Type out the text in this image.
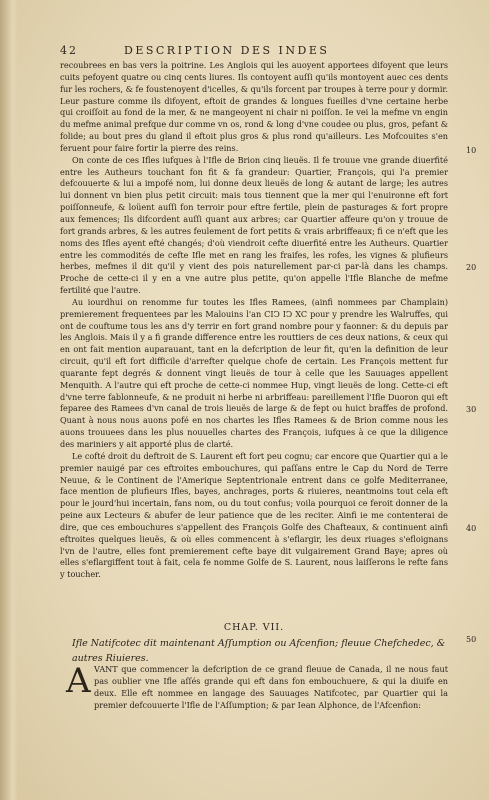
42	DESCRIPTION DES INDES

recoubrees en bas vers la poitrine. Les Anglois qui les auoyent apportees difoyent que leurs cuits pefoyent quatre ou cinq cents liures. Ils contoyent auſſi qu'ils montoyent auec ces dents fur les rochers, & fe foustenoyent d'icelles, & qu'ils forcent par troupes à terre pour y dormir. Leur pasture comme ils difoyent, eftoit de grandes & longues fueilles d'vne certaine herbe qui croiſſoit au fond de la mer, & ne mangeoyent ni chair ni poiſſon. Ie vei la mefme vn engin du mefme animal prefque dur comme vn os, rond & long d'vne coudee ou plus, gros, pefant & folide; au bout pres du gland il eftoit plus gros & plus rond qu'ailleurs. Les Mofcouites s'en feruent pour faire fortir la pierre des reins.

On conte de ces Ifles iufques à l'Ifle de Brion cinq lieuës. Il fe trouue vne grande diuerfité entre les Autheurs touchant fon fit & fa grandeur: Quartier, François, qui l'a premier defcouuerte & lui a impofé nom, lui donne deux lieuës de long & autant de large; les autres lui donnent vn bien plus petit circuit: mais tous tiennent que la mer qui l'enuironne eft fort poiſſonneufe, & loüent auſſi fon terroir pour eftre fertile, plein de pasturages & fort propre aux femences; Ils difcordent auſſi quant aux arbres; car Quartier affeure qu'on y trouue de fort grands arbres, & les autres feulement de fort petits & vrais arbriffeaux; fi ce n'eft que les noms des Ifles ayent efté changés; d'où viendroit cefte diuerfité entre les Autheurs. Quartier entre les commodités de cefte Ifle met en rang les fraifes, les rofes, les vignes & plufieurs herbes, mefmes il dit qu'il y vient des pois naturellement par-ci par-là dans les champs. Proche de cette-ci il y en a vne autre plus petite, qu'on appelle l'Ifle Blanche de mefme fertilité que l'autre.

Au iourdhui on renomme fur toutes les Ifles Ramees, (ainfi nommees par Champlain) premierement frequentees par les Malouins l'an CIↃ IↃ XC pour y prendre les Walruffes, qui ont de couftume tous les ans d'y terrir en fort grand nombre pour y faonner: & du depuis par les Anglois. Mais il y a fi grande difference entre les routtiers de ces deux nations, & ceux qui en ont fait mention auparauant, tant en la defcription de leur fit, qu'en la definition de leur circuit, qu'il eft fort difficile d'arrefter quelque chofe de certain. Les François mettent fur quarante fept degrés & donnent vingt lieuës de tour à celle que les Sauuages appellent Menquith. A l'autre qui eft proche de cette-ci nommee Hup, vingt lieuës de long. Cette-ci eft d'vne terre fablonneufe, & ne produit ni herbe ni arbriffeau: pareillement l'Ifle Duoron qui eft feparee des Ramees d'vn canal de trois lieuës de large & de fept ou huict braffes de profond. Quant à nous nous auons pofé en nos chartes les Ifles Ramees & de Brion comme nous les auons trouuees dans les plus nouuelles chartes des François, iufques à ce que la diligence des mariniers y ait apporté plus de clarté.

Le cofté droit du deftroit de S. Laurent eft fort peu cognu; car encore que Quartier qui a le premier nauigé par ces eftroites embouchures, qui paſſans entre le Cap du Nord de Terre Neuue, & le Continent de l'Amerique Septentrionale entrent dans ce golfe Mediterranee, face mention de plufieurs Ifles, bayes, anchrages, ports & riuieres, neantmoins tout cela eft pour le jourd'hui incertain, fans nom, ou du tout confus; voila pourquoi ce feroit donner de la peine aux Lecteurs & abufer de leur patience que de les reciter. Ainfi ie me contenterai de dire, que ces embouchures s'appellent des François Golfe des Chafteaux, & continuent ainfi eftroites quelques lieuës, & où elles commencent à s'eflargir, les deux riuages s'efloignans l'vn de l'autre, elles font premierement cefte baye dit vulgairement Grand Baye; apres où elles s'eflargiffent tout à fait, cela fe nomme Golfe de S. Laurent, nous laiſſerons le refte fans y toucher.

10
20
30
40
50
CHAP. VII.
Ifle Natifcotec dit maintenant Aſſumption ou Afcenfion; fleuue Chefchedec, & autres Riuieres.
A VANT que commencer la defcription de ce grand fleuue de Canada, il ne nous faut pas oublier vne Ifle aſſés grande qui eft dans fon embouchuere, & qui la diuife en deux. Elle eft nommee en langage des Sauuages Natifcotec, par Quartier qui la premier defcouuerte l'Ifle de l'Aſſumption; & par Iean Alphonce, de l'Afcenfion:
